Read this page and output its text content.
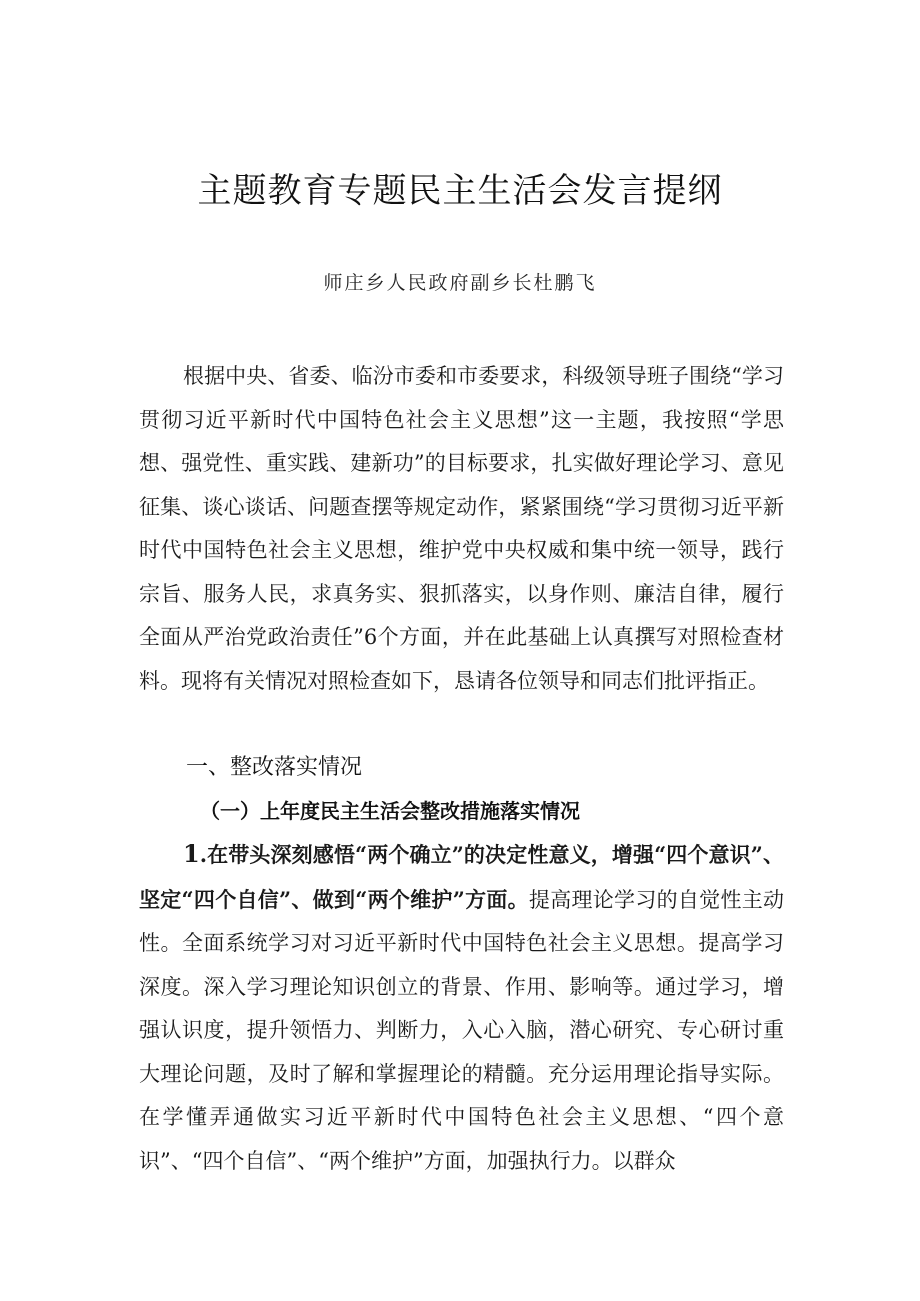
主题教育专题民主生活会发言提纲
师庄乡人民政府副乡长杜鹏飞
根据中央、省委、临汾市委和市委要求，科级领导班子围绕“学习贯彻习近平新时代中国特色社会主义思想”这一主题，我按照“学思想、强党性、重实践、建新功”的目标要求，扎实做好理论学习、意见征集、谈心谈话、问题查摆等规定动作，紧紧围绕“学习贯彻习近平新时代中国特色社会主义思想，维护党中央权威和集中统一领导，践行宗旨、服务人民，求真务实、狠抓落实，以身作则、廉洁自律，履行全面从严治党政治责任”6个方面，并在此基础上认真撰写对照检查材料。现将有关情况对照检查如下，恳请各位领导和同志们批评指正。
一、整改落实情况
（一）上年度民主生活会整改措施落实情况
1.在带头深刻感悟“两个确立”的决定性意义，增强“四个意识”、坚定“四个自信”、做到“两个维护”方面。提高理论学习的自觉性主动性。全面系统学习对习近平新时代中国特色社会主义思想。提高学习深度。深入学习理论知识创立的背景、作用、影响等。通过学习，增强认识度，提升领悟力、判断力，入心入脑，潜心研究、专心研讨重大理论问题，及时了解和掌握理论的精髓。充分运用理论指导实际。在学懂弄通做实习近平新时代中国特色社会主义思想、“四个意识”、“四个自信”、“两个维护”方面，加强执行力。以群众
